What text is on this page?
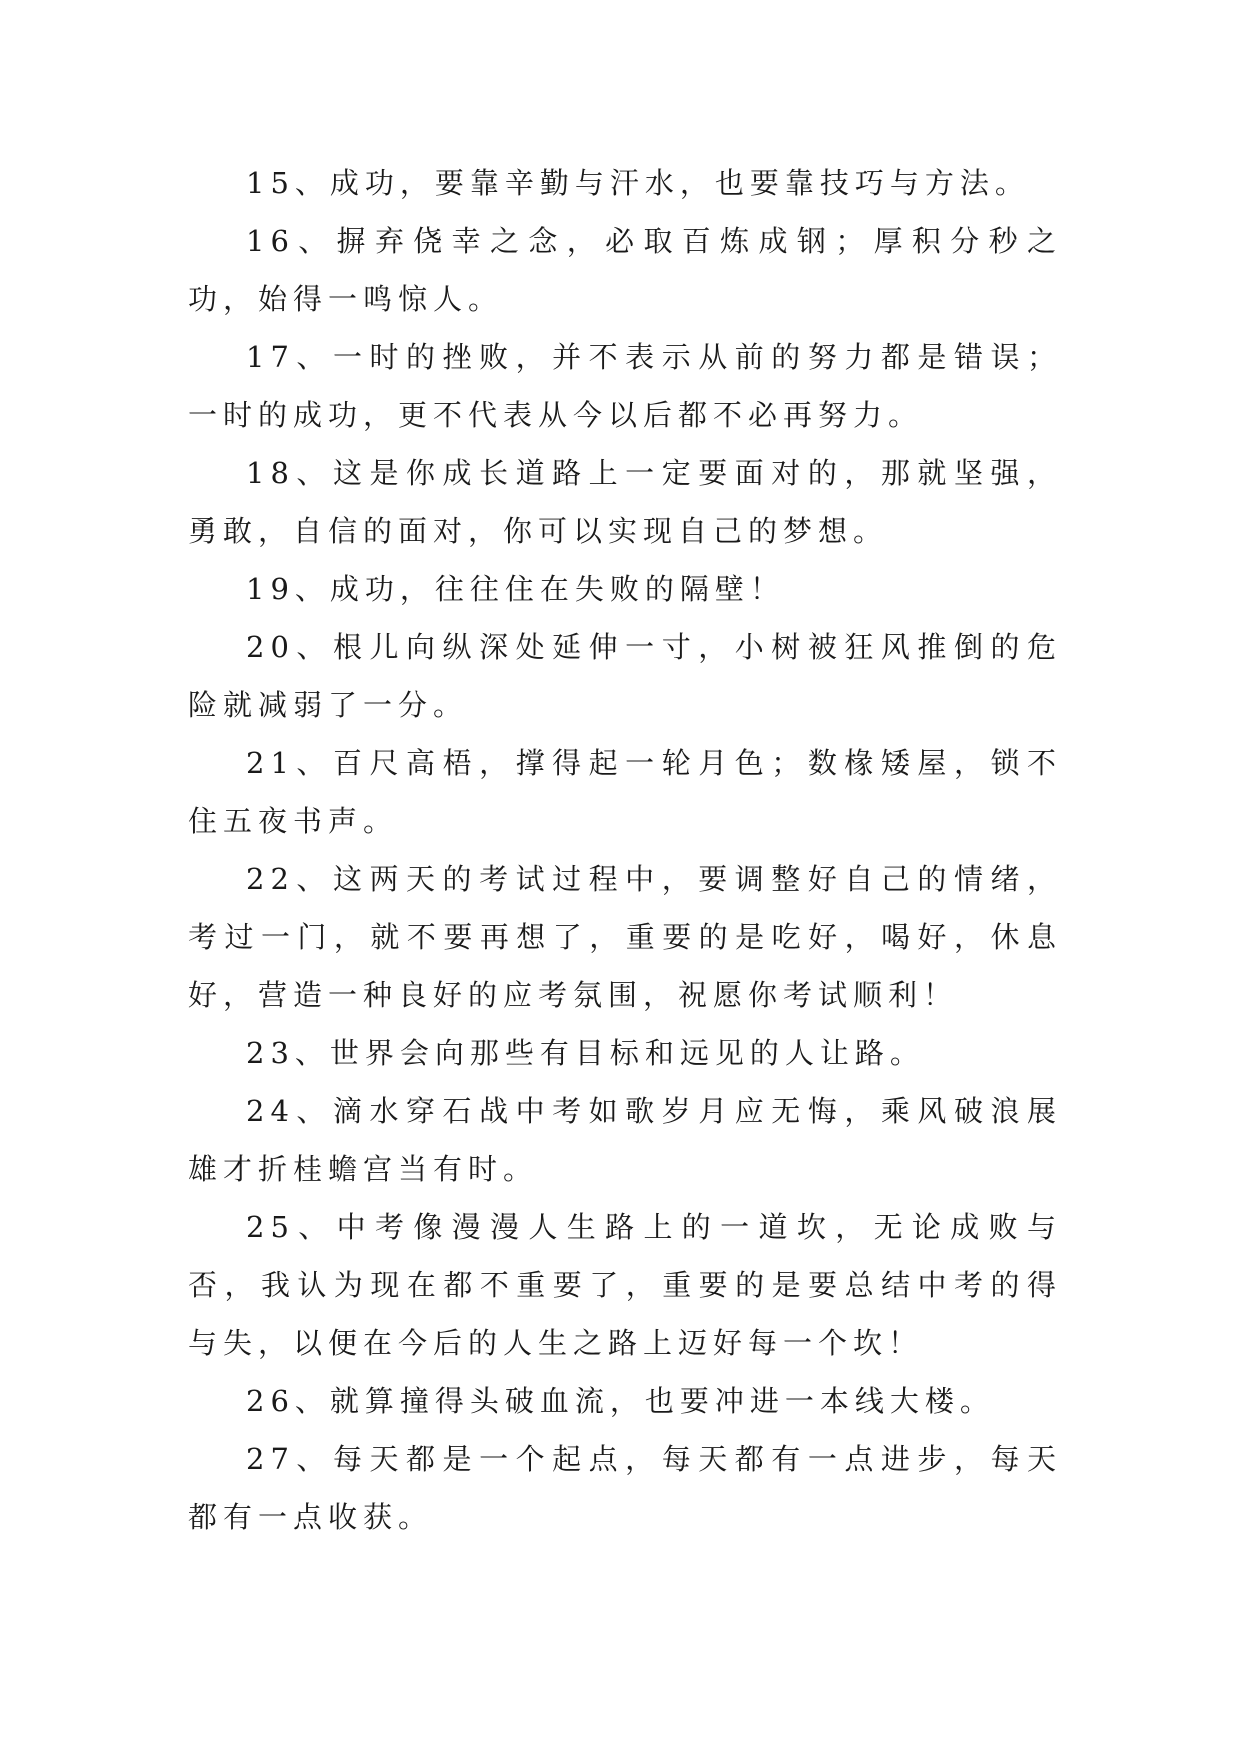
15、成功，要靠辛勤与汗水，也要靠技巧与方法。

16、摒弃侥幸之念，必取百炼成钢；厚积分秒之功，始得一鸣惊人。

17、一时的挫败，并不表示从前的努力都是错误；一时的成功，更不代表从今以后都不必再努力。

18、这是你成长道路上一定要面对的，那就坚强，勇敢，自信的面对，你可以实现自己的梦想。

19、成功，往往住在失败的隔壁！

20、根儿向纵深处延伸一寸，小树被狂风推倒的危险就减弱了一分。

21、百尺高梧，撑得起一轮月色；数椽矮屋，锁不住五夜书声。

22、这两天的考试过程中，要调整好自己的情绪，考过一门，就不要再想了，重要的是吃好，喝好，休息好，营造一种良好的应考氛围，祝愿你考试顺利！

23、世界会向那些有目标和远见的人让路。

24、滴水穿石战中考如歌岁月应无悔，乘风破浪展雄才折桂蟾宫当有时。

25、中考像漫漫人生路上的一道坎，无论成败与否，我认为现在都不重要了，重要的是要总结中考的得与失，以便在今后的人生之路上迈好每一个坎！

26、就算撞得头破血流，也要冲进一本线大楼。

27、每天都是一个起点，每天都有一点进步，每天都有一点收获。
